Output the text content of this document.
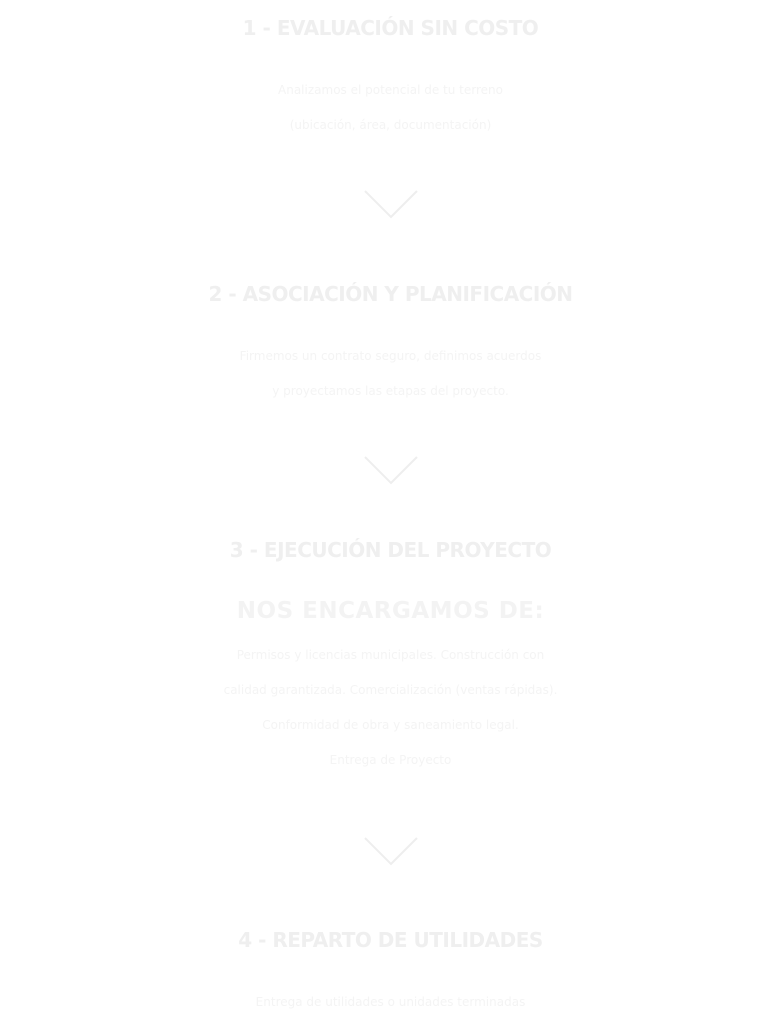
1 - EVALUACIÓN SIN COSTO

Analizamos el potencial de tu terreno
(ubicación, área, documentación)

2 - ASOCIACIÓN Y PLANIFICACIÓN

Firmemos un contrato seguro, definimos acuerdos
y proyectamos las etapas del proyecto.

3 - EJECUCIÓN DEL PROYECTO

NOS ENCARGAMOS DE:

Permisos y licencias municipales. Construcción con
calidad garantizada. Comercialización (ventas rápidas).
Conformidad de obra y saneamiento legal.
Entrega de Proyecto

4 - REPARTO DE UTILIDADES

Entrega de utilidades o unidades terminadas
